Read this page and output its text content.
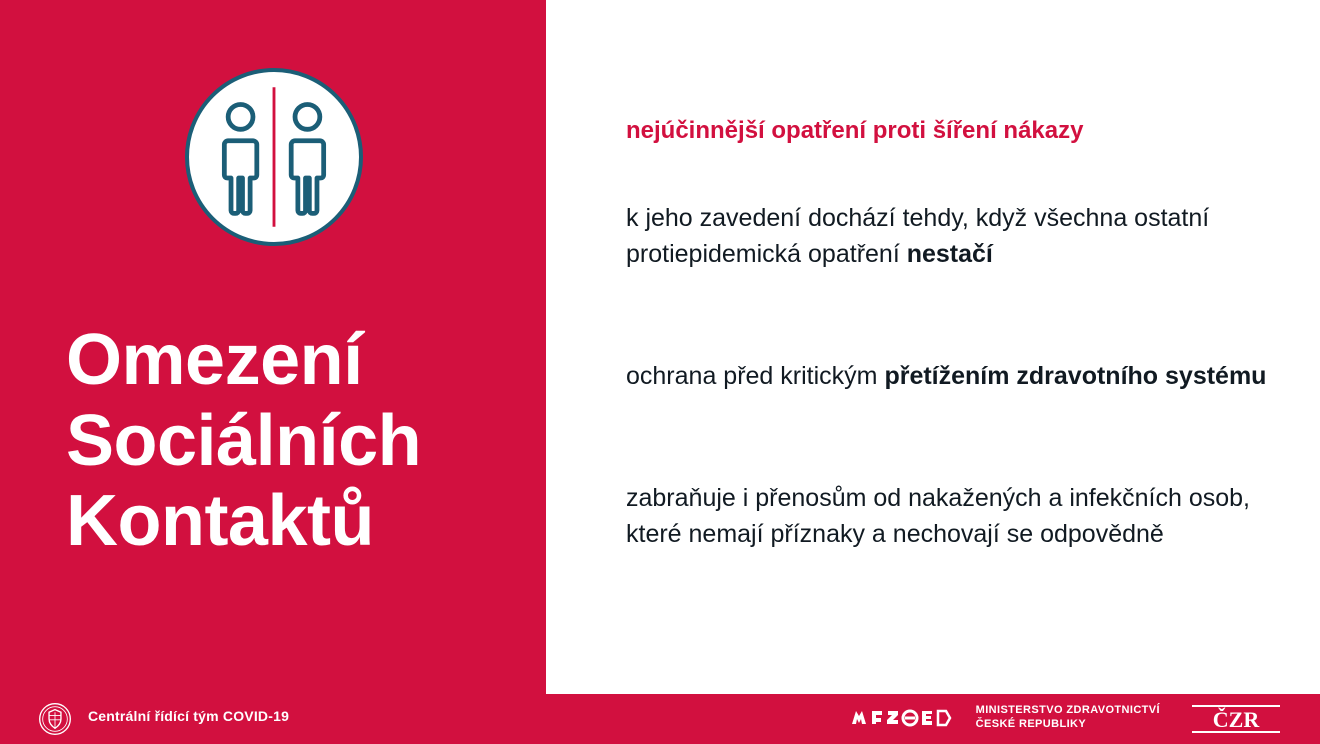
Omezení
Sociálních
Kontaktů
nejúčinnější opatření proti šíření nákazy
k jeho zavedení dochází tehdy, když všechna ostatní protiepidemická opatření nestačí
ochrana před kritickým přetížením zdravotního systému
zabraňuje i přenosům od nakažených a infekčních osob, které nemají příznaky a nechovají se odpovědně
Centrální řídící tým COVID-19	MINISTERSTVO ZDRAVOTNICTVÍ
ČESKÉ REPUBLIKY	ČZR
